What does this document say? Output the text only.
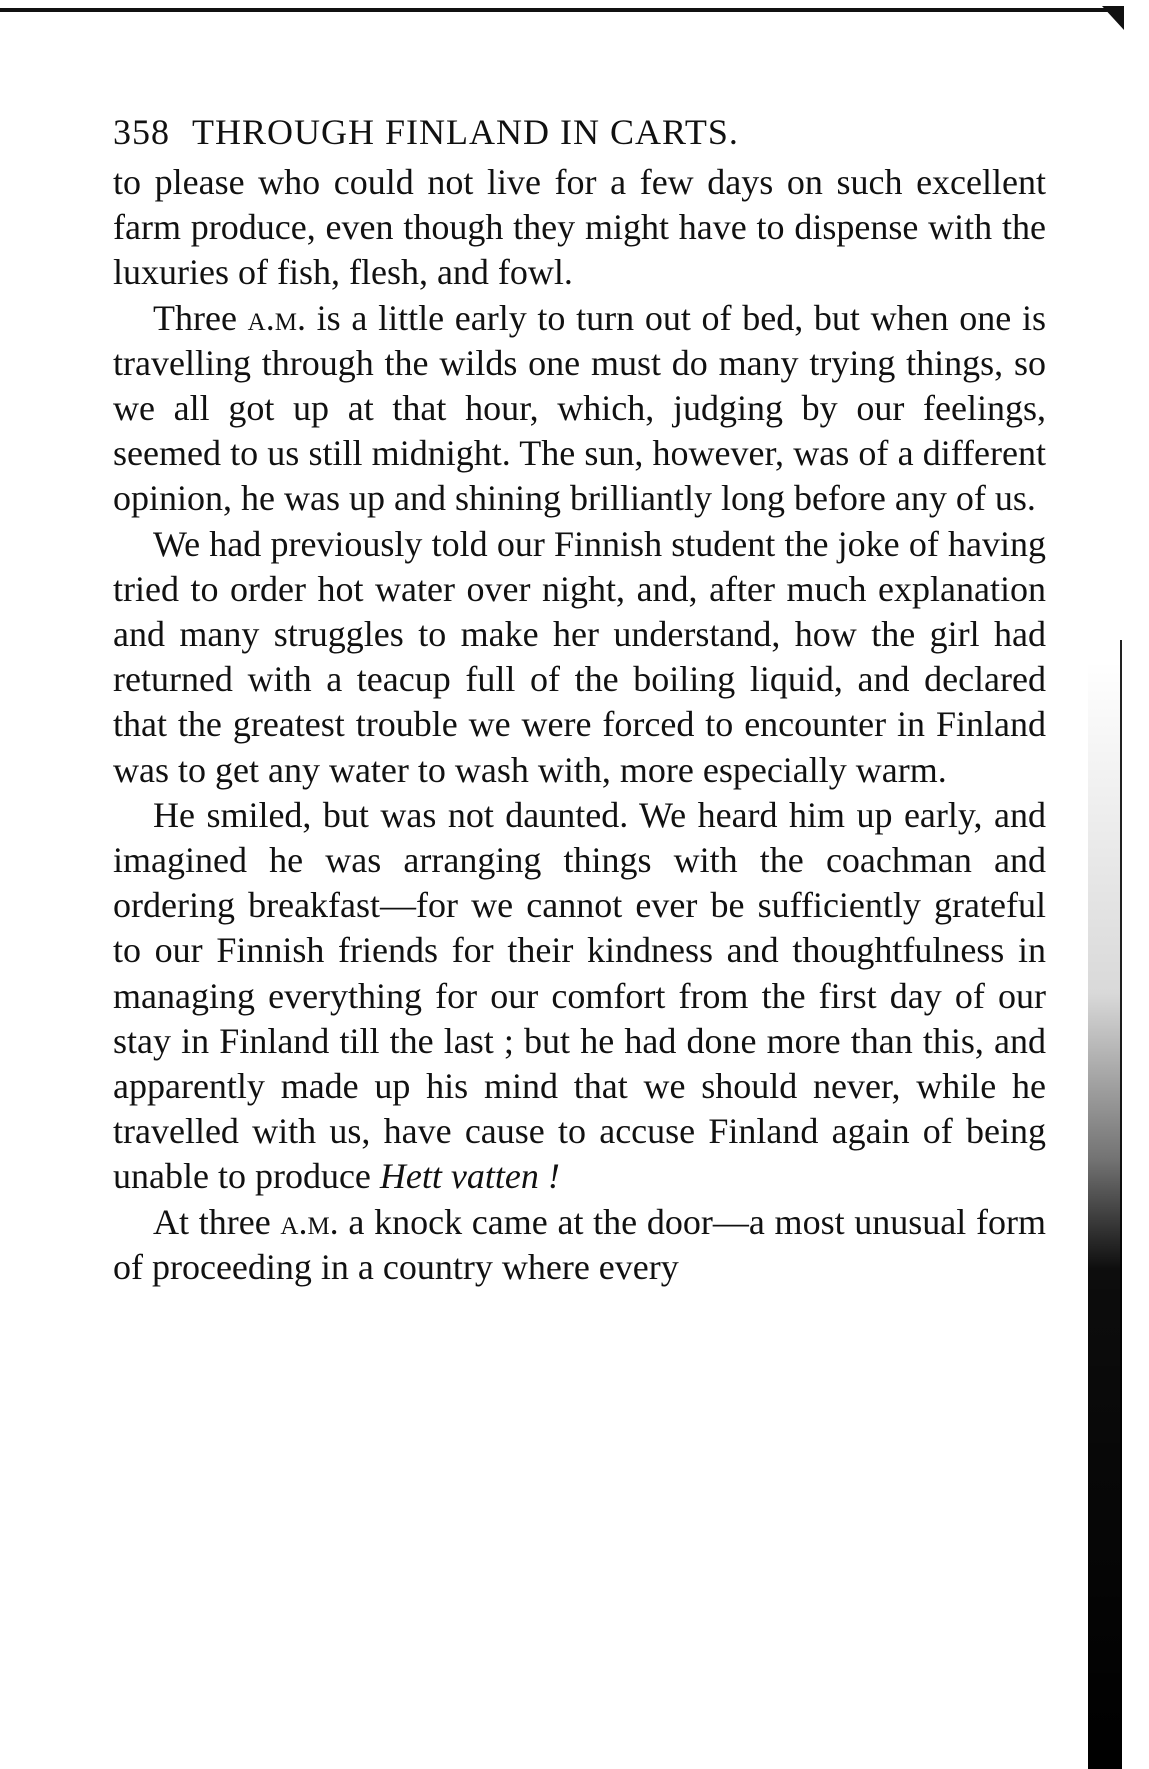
358 THROUGH FINLAND IN CARTS.

to please who could not live for a few days on such excellent farm produce, even though they might have to dispense with the luxuries of fish, flesh, and fowl.

Three a.m. is a little early to turn out of bed, but when one is travelling through the wilds one must do many trying things, so we all got up at that hour, which, judging by our feelings, seemed to us still midnight. The sun, however, was of a different opinion, he was up and shining brilliantly long before any of us.

We had previously told our Finnish student the joke of having tried to order hot water over night, and, after much explanation and many struggles to make her understand, how the girl had returned with a teacup full of the boiling liquid, and declared that the greatest trouble we were forced to encounter in Finland was to get any water to wash with, more especially warm.

He smiled, but was not daunted. We heard him up early, and imagined he was arranging things with the coachman and ordering breakfast—for we cannot ever be sufficiently grateful to our Finnish friends for their kindness and thoughtfulness in managing everything for our comfort from the first day of our stay in Finland till the last ; but he had done more than this, and apparently made up his mind that we should never, while he travelled with us, have cause to accuse Finland again of being unable to produce Hett vatten !

At three a.m. a knock came at the door—a most unusual form of proceeding in a country where every
